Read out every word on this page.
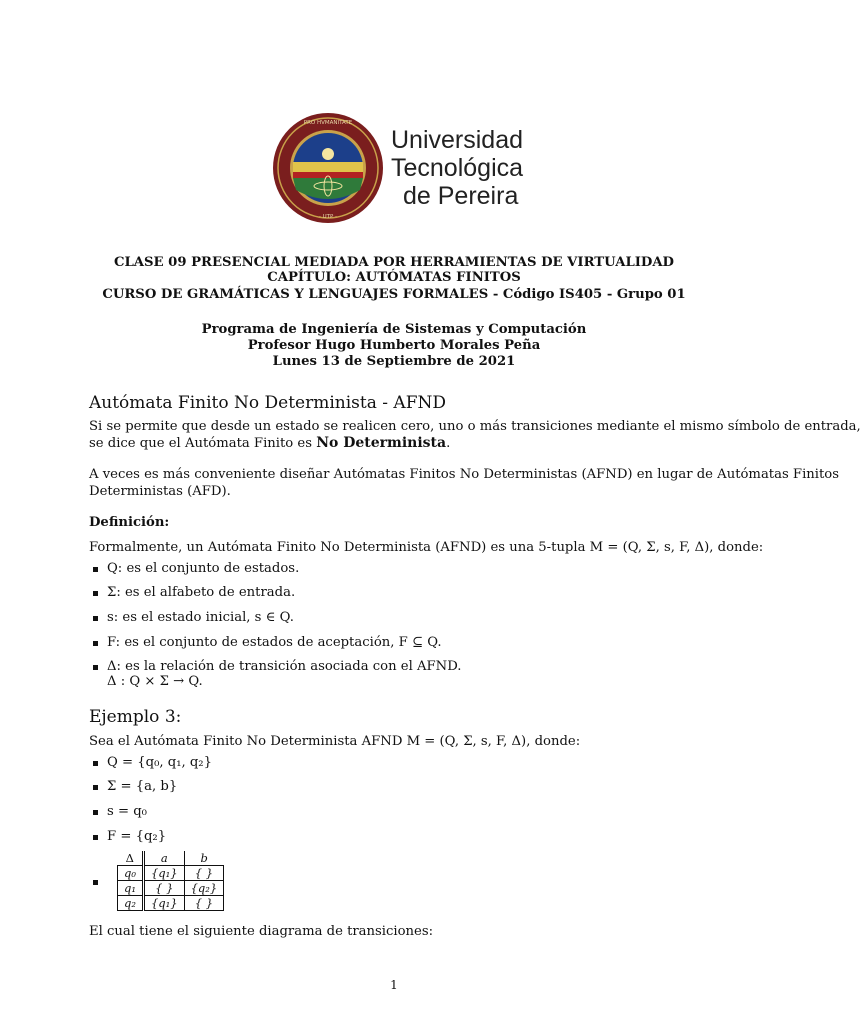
PRO HVMANITATE
· UTP ·
Universidad
Tecnológica
de Pereira
CLASE 09 PRESENCIAL MEDIADA POR HERRAMIENTAS DE VIRTUALIDAD
CAPÍTULO: AUTÓMATAS FINITOS
CURSO DE GRAMÁTICAS Y LENGUAJES FORMALES - Código IS405 - Grupo 01
Programa de Ingeniería de Sistemas y Computación
Profesor Hugo Humberto Morales Peña
Lunes 13 de Septiembre de 2021
Autómata Finito No Determinista - AFND
Si se permite que desde un estado se realicen cero, uno o más transiciones mediante el mismo símbolo de entrada,
se dice que el Autómata Finito es No Determinista.
A veces es más conveniente diseñar Autómatas Finitos No Deterministas (AFND) en lugar de Autómatas Finitos
Deterministas (AFD).
Definición:
Formalmente, un Autómata Finito No Determinista (AFND) es una 5-tupla M = (Q, Σ, s, F, Δ), donde:
Q: es el conjunto de estados.
Σ: es el alfabeto de entrada.
s: es el estado inicial, s ∈ Q.
F: es el conjunto de estados de aceptación, F ⊆ Q.
Δ: es la relación de transición asociada con el AFND.
Δ : Q × Σ → Q.
Ejemplo 3:
Sea el Autómata Finito No Determinista AFND M = (Q, Σ, s, F, Δ), donde:
Q = {q₀, q₁, q₂}
Σ = {a, b}
s = q₀
F = {q₂}
Δ	a	b
q₀	{q₁}	{ }
q₁	{ }	{q₂}
q₂	{q₁}	{ }
El cual tiene el siguiente diagrama de transiciones:
1
